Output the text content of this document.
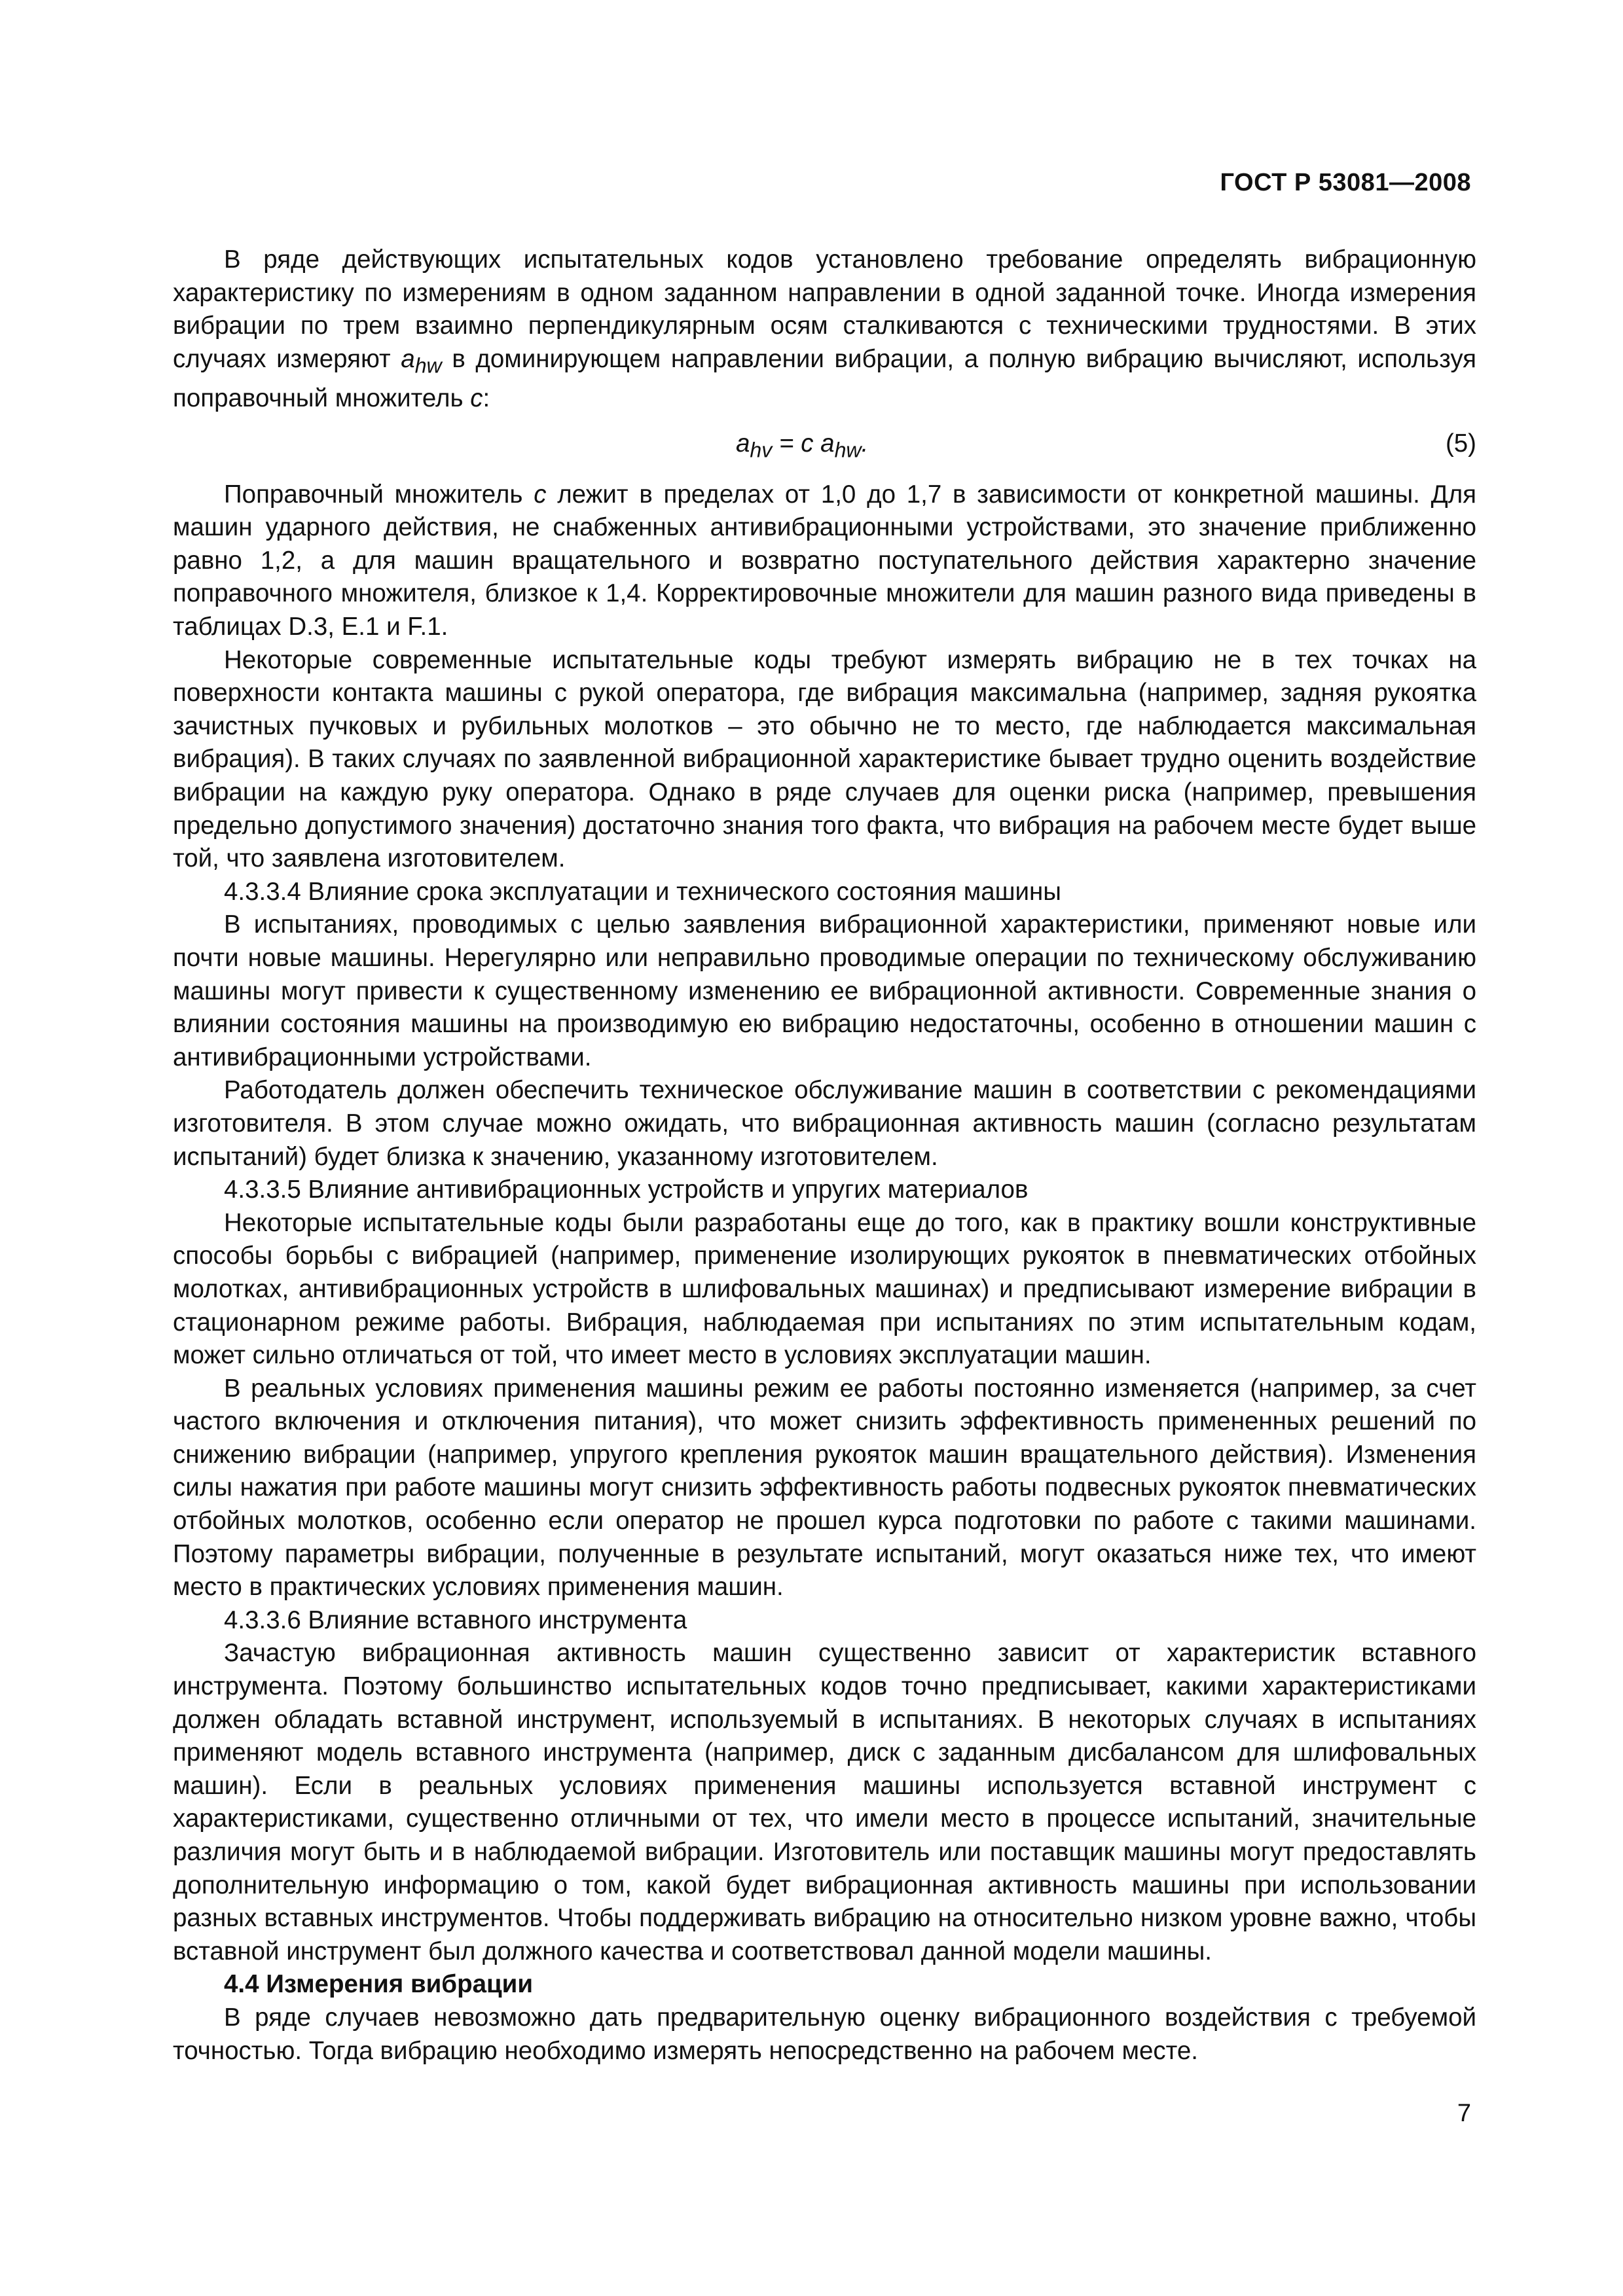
ГОСТ Р 53081—2008

В ряде действующих испытательных кодов установлено требование определять вибрационную характеристику по измерениям в одном заданном направлении в одной заданной точке. Иногда измерения вибрации по трем взаимно перпендикулярным осям сталкиваются с техническими трудностями. В этих случаях измеряют $a_{hw}$ в доминирующем направлении вибрации, а полную вибрацию вычисляют, используя поправочный множитель с:

$a_{hv} = c$ $a_{hw}$.	(5)

Поправочный множитель с лежит в пределах от 1,0 до 1,7 в зависимости от конкретной машины. Для машин ударного действия, не снабженных антивибрационными устройствами, это значение приближенно равно 1,2, а для машин вращательного и возвратно поступательного действия характерно значение поправочного множителя, близкое к 1,4. Корректировочные множители для машин разного вида приведены в таблицах D.3, E.1 и F.1.

Некоторые современные испытательные коды требуют измерять вибрацию не в тех точках на поверхности контакта машины с рукой оператора, где вибрация максимальна (например, задняя рукоятка зачистных пучковых и рубильных молотков – это обычно не то место, где наблюдается максимальная вибрация). В таких случаях по заявленной вибрационной характеристике бывает трудно оценить воздействие вибрации на каждую руку оператора. Однако в ряде случаев для оценки риска (например, превышения предельно допустимого значения) достаточно знания того факта, что вибрация на рабочем месте будет выше той, что заявлена изготовителем.

4.3.3.4 Влияние срока эксплуатации и технического состояния машины

В испытаниях, проводимых с целью заявления вибрационной характеристики, применяют новые или почти новые машины. Нерегулярно или неправильно проводимые операции по техническому обслуживанию машины могут привести к существенному изменению ее вибрационной активности. Современные знания о влиянии состояния машины на производимую ею вибрацию недостаточны, особенно в отношении машин с антивибрационными устройствами.

Работодатель должен обеспечить техническое обслуживание машин в соответствии с рекомендациями изготовителя. В этом случае можно ожидать, что вибрационная активность машин (согласно результатам испытаний) будет близка к значению, указанному изготовителем.

4.3.3.5 Влияние антивибрационных устройств и упругих материалов

Некоторые испытательные коды были разработаны еще до того, как в практику вошли конструктивные способы борьбы с вибрацией (например, применение изолирующих рукояток в пневматических отбойных молотках, антивибрационных устройств в шлифовальных машинах) и предписывают измерение вибрации в стационарном режиме работы. Вибрация, наблюдаемая при испытаниях по этим испытательным кодам, может сильно отличаться от той, что имеет место в условиях эксплуатации машин.

В реальных условиях применения машины режим ее работы постоянно изменяется (например, за счет частого включения и отключения питания), что может снизить эффективность примененных решений по снижению вибрации (например, упругого крепления рукояток машин вращательного действия). Изменения силы нажатия при работе машины могут снизить эффективность работы подвесных рукояток пневматических отбойных молотков, особенно если оператор не прошел курса подготовки по работе с такими машинами. Поэтому параметры вибрации, полученные в результате испытаний, могут оказаться ниже тех, что имеют место в практических условиях применения машин.

4.3.3.6 Влияние вставного инструмента

Зачастую вибрационная активность машин существенно зависит от характеристик вставного инструмента. Поэтому большинство испытательных кодов точно предписывает, какими характеристиками должен обладать вставной инструмент, используемый в испытаниях. В некоторых случаях в испытаниях применяют модель вставного инструмента (например, диск с заданным дисбалансом для шлифовальных машин). Если в реальных условиях применения машины используется вставной инструмент с характеристиками, существенно отличными от тех, что имели место в процессе испытаний, значительные различия могут быть и в наблюдаемой вибрации. Изготовитель или поставщик машины могут предоставлять дополнительную информацию о том, какой будет вибрационная активность машины при использовании разных вставных инструментов. Чтобы поддерживать вибрацию на относительно низком уровне важно, чтобы вставной инструмент был должного качества и соответствовал данной модели машины.

4.4 Измерения вибрации

В ряде случаев невозможно дать предварительную оценку вибрационного воздействия с требуемой точностью. Тогда вибрацию необходимо измерять непосредственно на рабочем месте.

7
